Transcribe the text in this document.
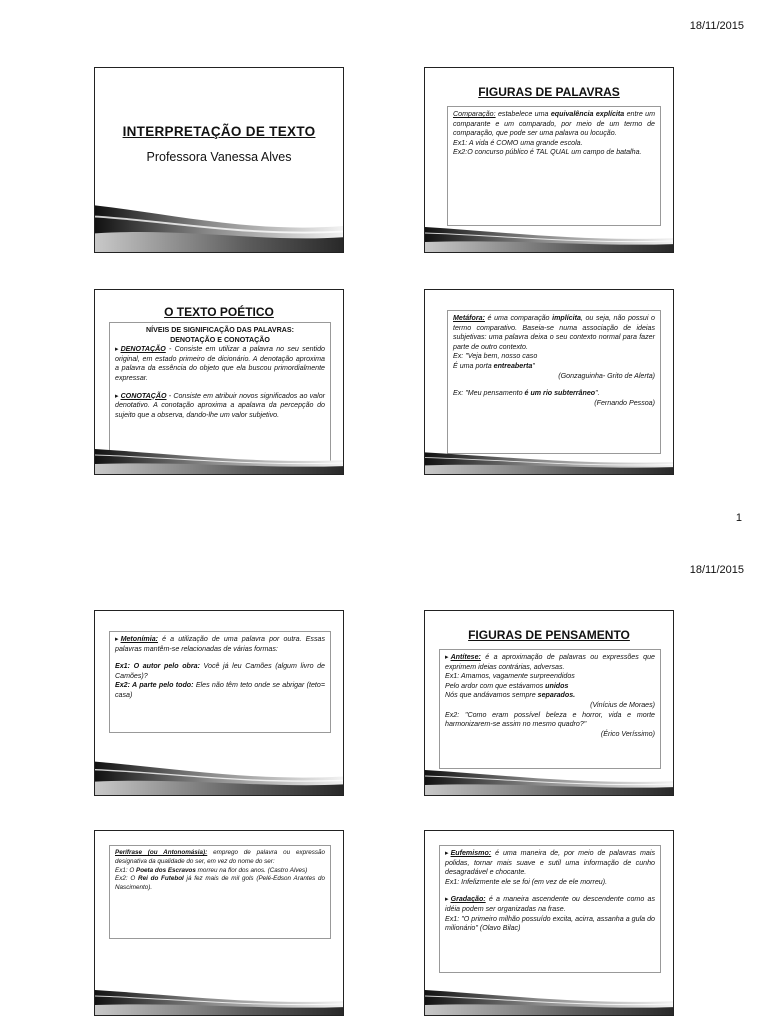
18/11/2015
INTERPRETAÇÃO DE TEXTO
Professora Vanessa Alves
FIGURAS DE PALAVRAS

Comparação: estabelece uma equivalência explícita entre um comparante e um comparado, por meio de um termo de comparação, que pode ser uma palavra ou locução.

Ex1: A vida é COMO uma grande escola.

Ex2:O concurso público é TAL QUAL um campo de batalha.

O TEXTO POÉTICO

NÍVEIS DE SIGNIFICAÇÃO DAS PALAVRAS:

DENOTAÇÃO E CONOTAÇÃO

▸ DENOTAÇÃO - Consiste em utilizar a palavra no seu sentido original, em estado primeiro de dicionário. A denotação aproxima a palavra da essência do objeto que ela buscou primordialmente expressar.

▸ CONOTAÇÃO - Consiste em atribuir novos significados ao valor denotativo. A conotação aproxima a apalavra da percepção do sujeito que a observa, dando-lhe um valor subjetivo.

Metáfora: é uma comparação implícita, ou seja, não possui o termo comparativo. Baseia-se numa associação de ideias subjetivas: uma palavra deixa o seu contexto normal para fazer parte de outro contexto.

Ex: "Veja bem, nosso caso

É uma porta entreaberta"

(Gonzaguinha- Grito de Alerta)

Ex: "Meu pensamento é um rio subterrâneo".

(Fernando Pessoa)

1
18/11/2015

▸ Metonímia: é a utilização de uma palavra por outra. Essas palavras mantêm-se relacionadas de várias formas:

Ex1: O autor pelo obra: Você já leu Camões (algum livro de Camões)?

Ex2: A parte pelo todo: Eles não têm teto onde se abrigar (teto= casa)

FIGURAS DE PENSAMENTO

▸ Antítese: é a aproximação de palavras ou expressões que exprimem ideias contrárias, adversas.

Ex1: Amamos, vagamente surpreendidos

Pelo ardor com que estávamos unidos

Nós que andávamos sempre separados.

(Vinícius de Moraes)

Ex2: "Como eram possível beleza e horror, vida e morte harmonizarem-se assim no mesmo quadro?"

(Érico Veríssimo)

Perífrase (ou Antonomásia): emprego de palavra ou expressão designativa da qualidade do ser, em vez do nome do ser:

Ex1: O Poeta dos Escravos morreu na flor dos anos. (Castro Alves)

Ex2: O Rei do Futebol já fez mais de mil gols (Pelé-Edson Arantes do Nascimento).

▸ Eufemismo: é uma maneira de, por meio de palavras mais polidas, tornar mais suave e sutil uma informação de cunho desagradável e chocante.

Ex1: Infelizmente ele se foi (em vez de ele morreu).

▸ Gradação: é a maneira ascendente ou descendente como as idéia podem ser organizadas na frase.

Ex1: "O primeiro milhão possuído excita, acirra, assanha a gula do milionário" (Olavo Bilac)
